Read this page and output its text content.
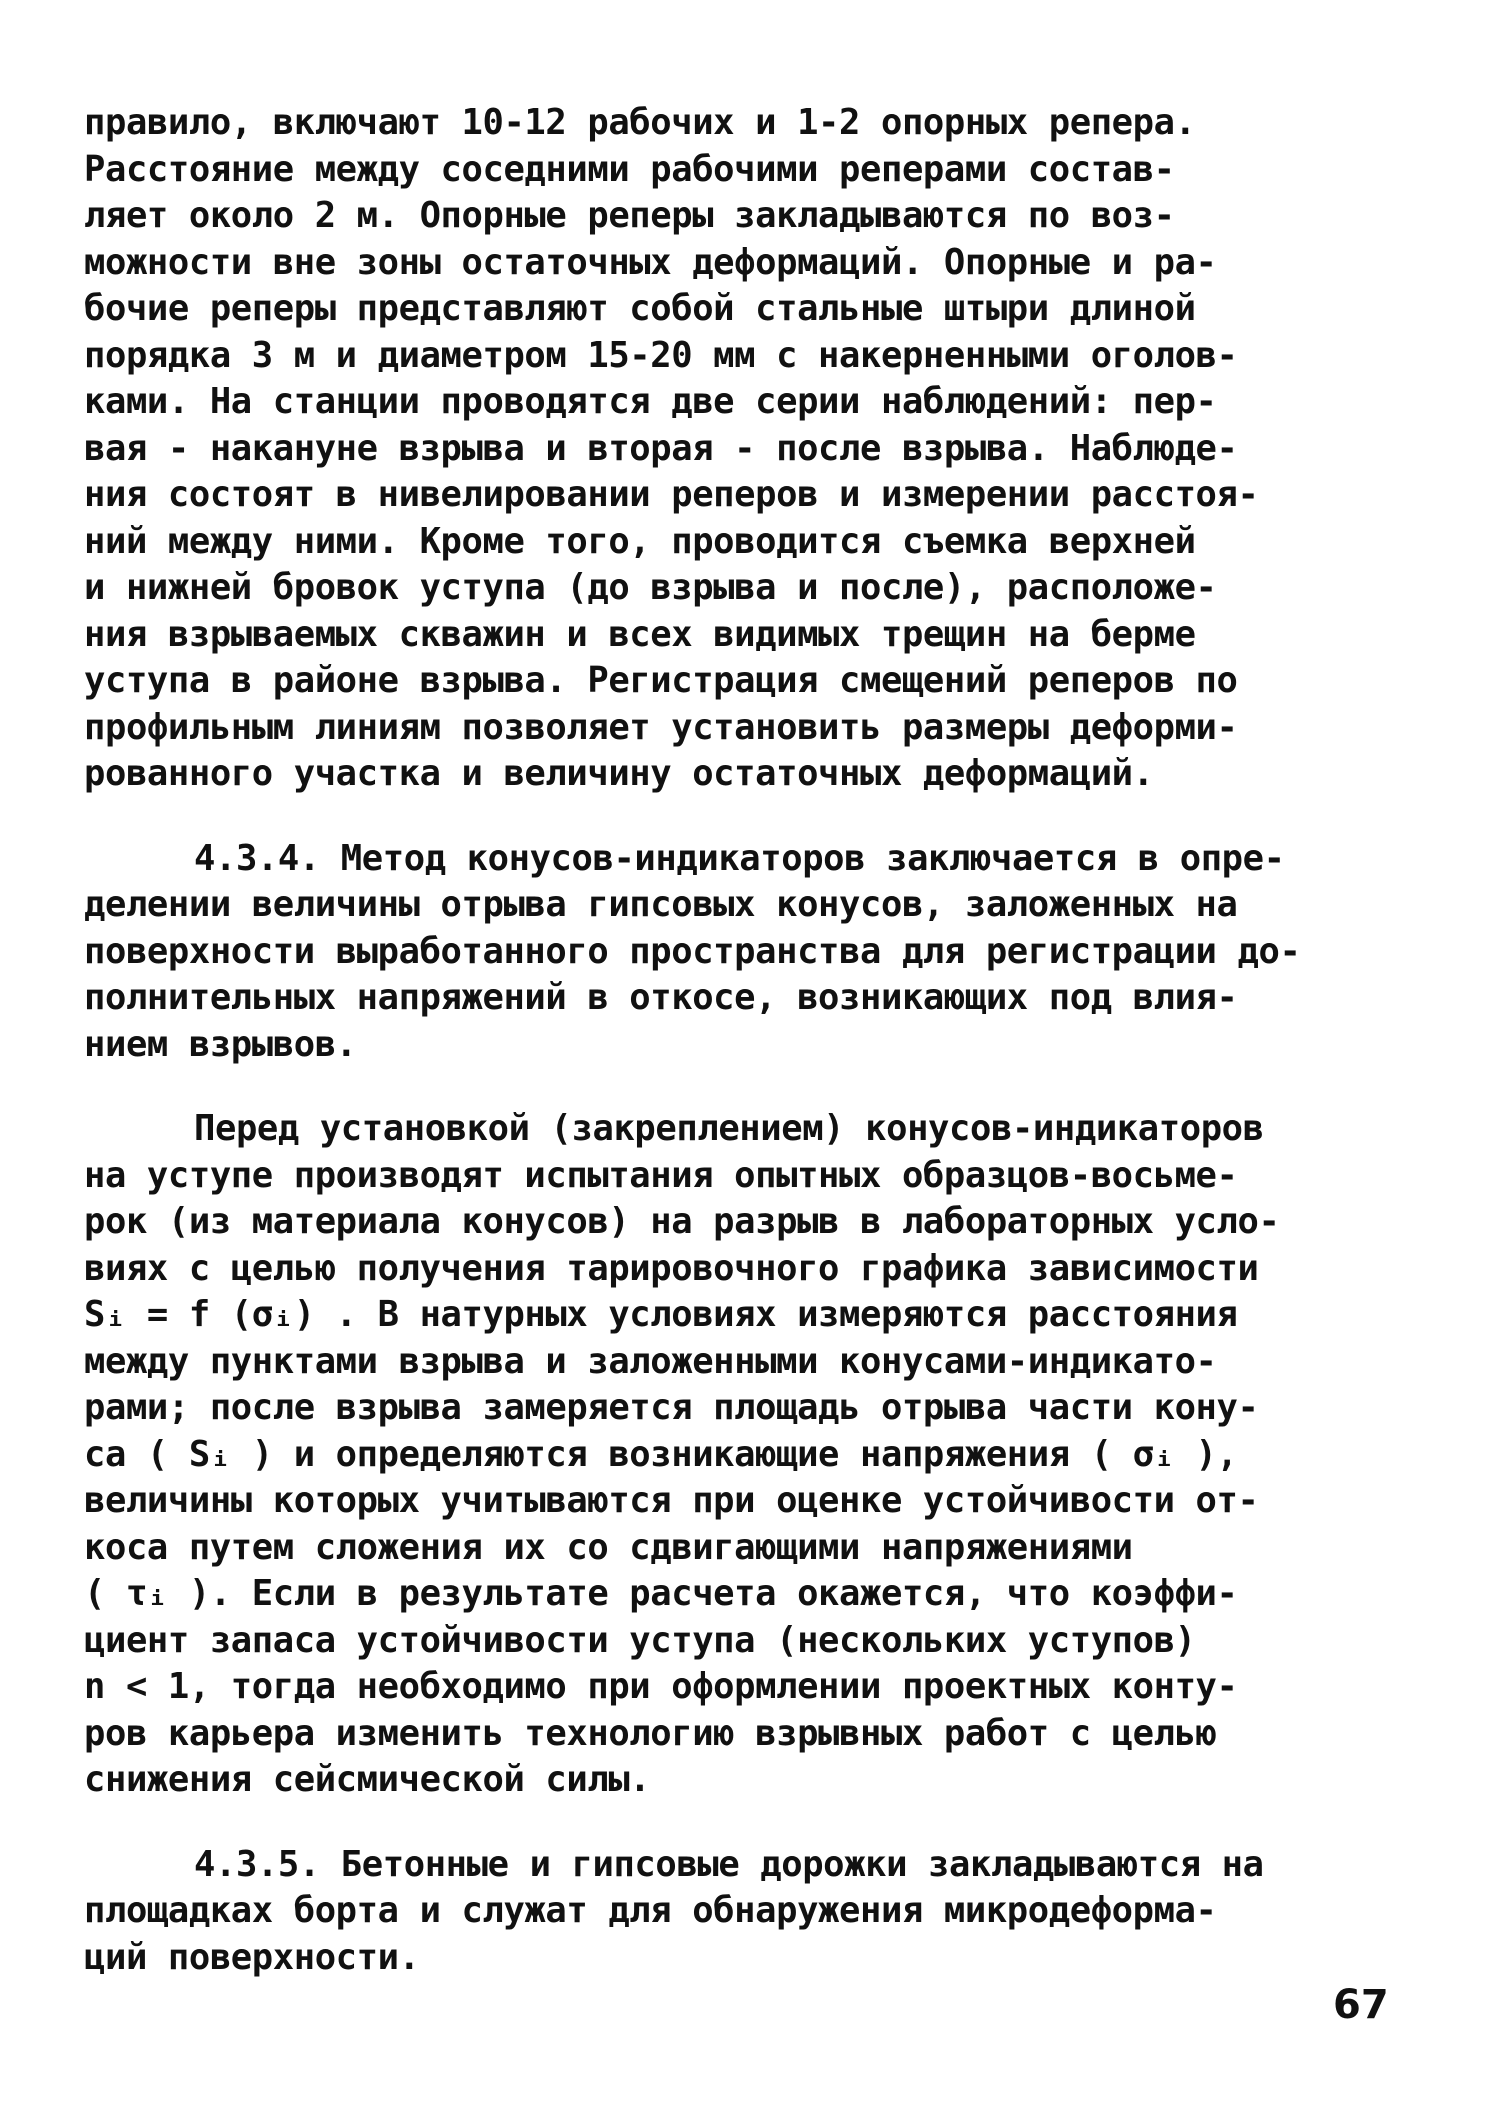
правило, включают 10-12 рабочих и 1-2 опорных репера.
Расстояние между соседними рабочими реперами состав-
ляет около 2 м. Опорные реперы закладываются по воз-
можности вне зоны остаточных деформаций. Опорные и ра-
бочие реперы представляют собой стальные штыри длиной
порядка 3 м и диаметром 15-20 мм с накерненными оголов-
ками. На станции проводятся две серии наблюдений: пер-
вая - накануне взрыва и вторая - после взрыва. Наблюде-
ния состоят в нивелировании реперов и измерении расстоя-
ний между ними. Кроме того, проводится съемка верхней
и нижней бровок уступа (до взрыва и после), расположе-
ния взрываемых скважин и всех видимых трещин на берме
уступа в районе взрыва. Регистрация смещений реперов по
профильным линиям позволяет установить размеры деформи-
рованного участка и величину остаточных деформаций.
4.3.4. Метод конусов-индикаторов заключается в опре-
делении величины отрыва гипсовых конусов, заложенных на
поверхности выработанного пространства для регистрации до-
полнительных напряжений в откосе, возникающих под влия-
нием взрывов.
Перед установкой (закреплением) конусов-индикаторов
на уступе производят испытания опытных образцов-восьме-
рок (из материала конусов) на разрыв в лабораторных усло-
виях с целью получения тарировочного графика зависимости
Sᵢ = f (σᵢ) . В натурных условиях измеряются расстояния
между пунктами взрыва и заложенными конусами-индикато-
рами; после взрыва замеряется площадь отрыва части кону-
са ( Sᵢ ) и определяются возникающие напряжения ( σᵢ ),
величины которых учитываются при оценке устойчивости от-
коса путем сложения их со сдвигающими напряжениями
( τᵢ ). Если в результате расчета окажется, что коэффи-
циент запаса устойчивости уступа (нескольких уступов)
n < 1, тогда необходимо при оформлении проектных конту-
ров карьера изменить технологию взрывных работ с целью
снижения сейсмической силы.
4.3.5. Бетонные и гипсовые дорожки закладываются на
площадках борта и служат для обнаружения микродеформа-
ций поверхности.
67
